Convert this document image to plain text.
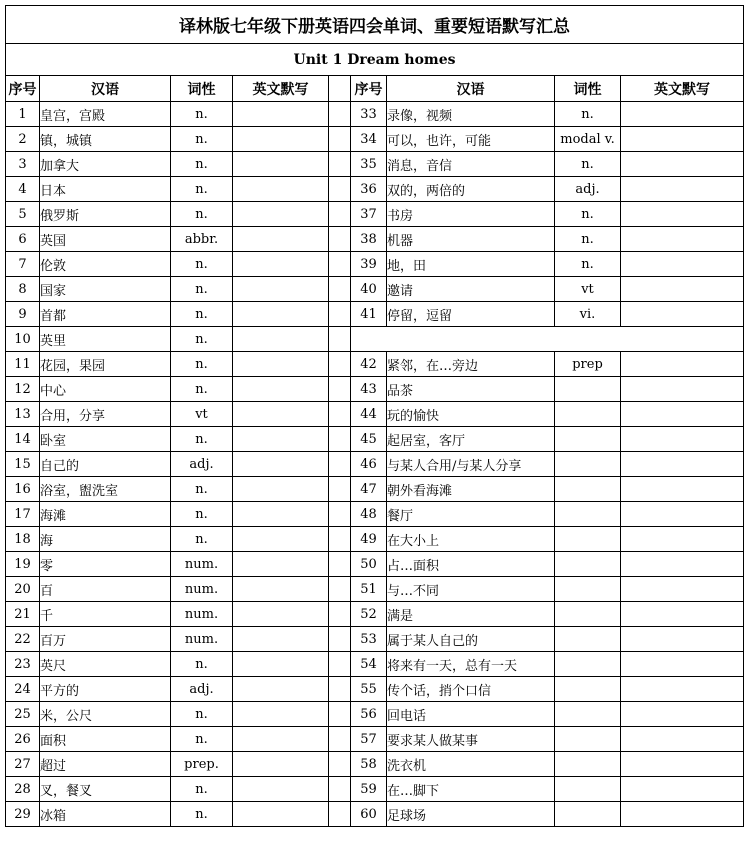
译林版七年级下册英语四会单词、重要短语默写汇总								
Unit 1 Dream homes								
序号	汉语	词性	英文默写		序号	汉语	词性	英文默写
1	皇宫，宫殿	n.			33	录像，视频	n.	
2	镇，城镇	n.			34	可以，也许，可能	modal v.	
3	加拿大	n.			35	消息，音信	n.	
4	日本	n.			36	双的，两倍的	adj.	
5	俄罗斯	n.			37	书房	n.	
6	英国	abbr.			38	机器	n.	
7	伦敦	n.			39	地，田	n.	
8	国家	n.			40	邀请	vt	
9	首都	n.			41	停留，逗留	vi.	
10	英里	n.						
11	花园，果园	n.			42	紧邻，在…旁边	prep	
12	中心	n.			43	品茶		
13	合用，分享	vt			44	玩的愉快		
14	卧室	n.			45	起居室，客厅		
15	自己的	adj.			46	与某人合用/与某人分享		
16	浴室，盥洗室	n.			47	朝外看海滩		
17	海滩	n.			48	餐厅		
18	海	n.			49	在大小上		
19	零	num.			50	占…面积		
20	百	num.			51	与…不同		
21	千	num.			52	满是		
22	百万	num.			53	属于某人自己的		
23	英尺	n.			54	将来有一天，总有一天		
24	平方的	adj.			55	传个话，捎个口信		
25	米，公尺	n.			56	回电话		
26	面积	n.			57	要求某人做某事		
27	超过	prep.			58	洗衣机		
28	叉，餐叉	n.			59	在…脚下		
29	冰箱	n.			60	足球场		
